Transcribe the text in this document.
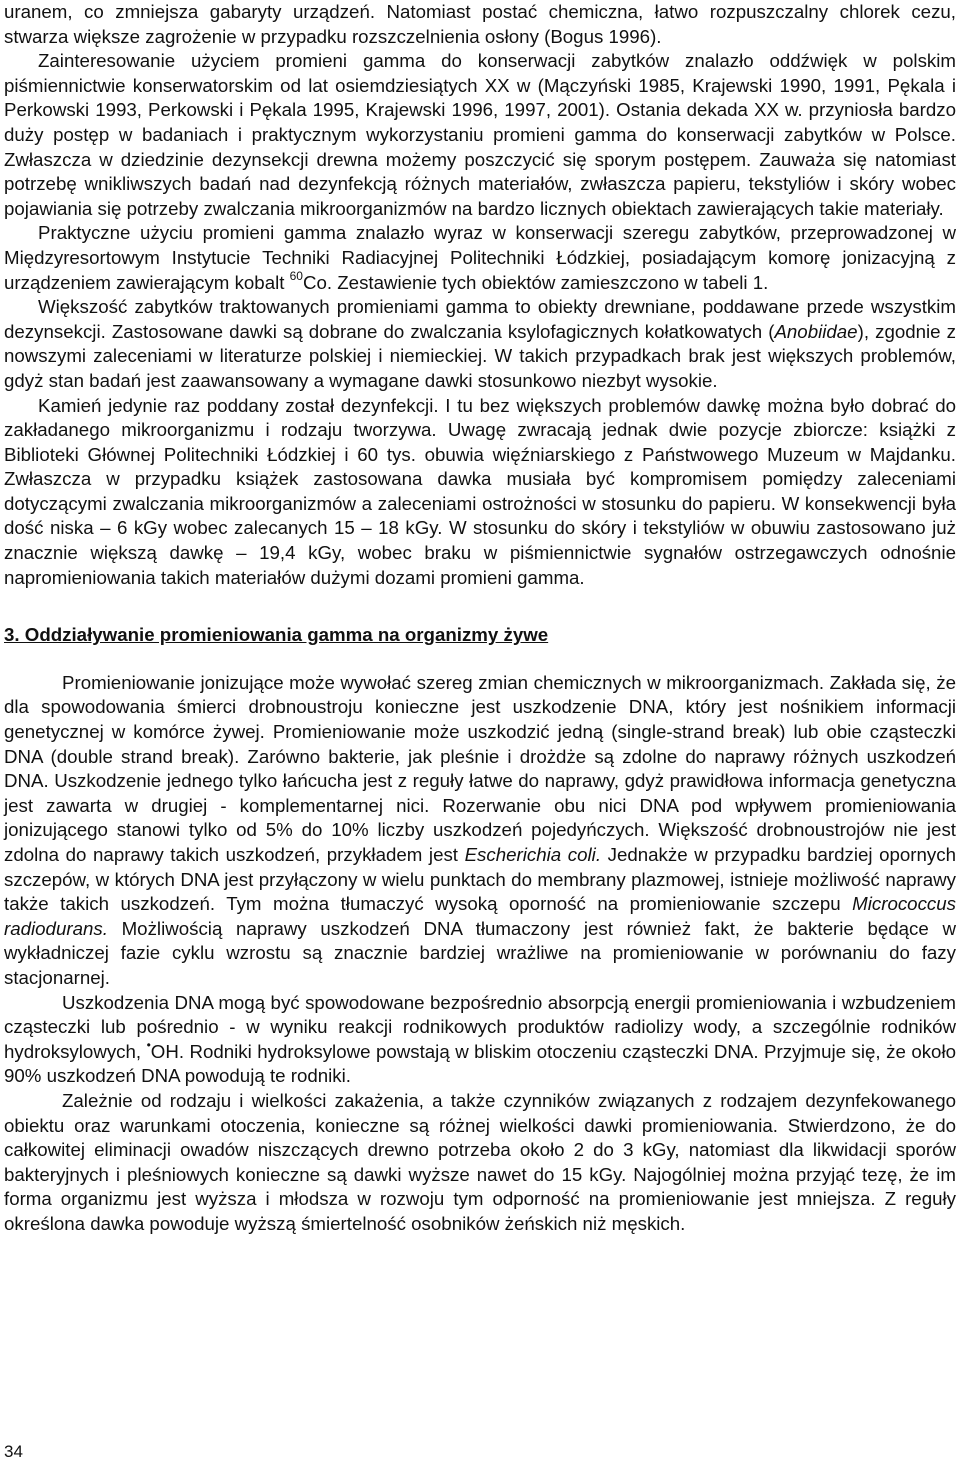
uranem, co zmniejsza gabaryty urządzeń. Natomiast postać chemiczna, łatwo rozpuszczalny chlorek cezu, stwarza większe zagrożenie w przypadku rozszczelnienia osłony (Bogus 1996).

Zainteresowanie użyciem promieni gamma do konserwacji zabytków znalazło oddźwięk w polskim piśmiennictwie konserwatorskim od lat osiemdziesiątych XX w (Mączyński 1985, Krajewski 1990, 1991, Pękala i Perkowski 1993, Perkowski i Pękala 1995, Krajewski 1996, 1997, 2001). Ostania dekada XX w. przyniosła bardzo duży postęp w badaniach i praktycznym wykorzystaniu promieni gamma do konserwacji zabytków w Polsce. Zwłaszcza w dziedzinie dezynsekcji drewna możemy poszczycić się sporym postępem. Zauważa się natomiast potrzebę wnikliwszych badań nad dezynfekcją różnych materiałów, zwłaszcza papieru, tekstyliów i skóry wobec pojawiania się potrzeby zwalczania mikroorganizmów na bardzo licznych obiektach zawierających takie materiały.

Praktyczne użyciu promieni gamma znalazło wyraz w konserwacji szeregu zabytków, przeprowadzonej w Międzyresortowym Instytucie Techniki Radiacyjnej Politechniki Łódzkiej, posiadającym komorę jonizacyjną z urządzeniem zawierającym kobalt $^{60}$Co. Zestawienie tych obiektów zamieszczono w tabeli 1.

Większość zabytków traktowanych promieniami gamma to obiekty drewniane, poddawane przede wszystkim dezynsekcji. Zastosowane dawki są dobrane do zwalczania ksylofagicznych kołatkowatych (Anobiidae), zgodnie z nowszymi zaleceniami w literaturze polskiej i niemieckiej. W takich przypadkach brak jest większych problemów, gdyż stan badań jest zaawansowany a wymagane dawki stosunkowo niezbyt wysokie.

Kamień jedynie raz poddany został dezynfekcji. I tu bez większych problemów dawkę można było dobrać do zakładanego mikroorganizmu i rodzaju tworzywa. Uwagę zwracają jednak dwie pozycje zbiorcze: książki z Biblioteki Głównej Politechniki Łódzkiej i 60 tys. obuwia więźniarskiego z Państwowego Muzeum w Majdanku. Zwłaszcza w przypadku książek zastosowana dawka musiała być kompromisem pomiędzy zaleceniami dotyczącymi zwalczania mikroorganizmów a zaleceniami ostrożności w stosunku do papieru. W konsekwencji była dość niska – 6 kGy wobec zalecanych 15 – 18 kGy. W stosunku do skóry i tekstyliów w obuwiu zastosowano już znacznie większą dawkę – 19,4 kGy, wobec braku w piśmiennictwie sygnałów ostrzegawczych odnośnie napromieniowania takich materiałów dużymi dozami promieni gamma.

3. Oddziaływanie promieniowania gamma na organizmy żywe

Promieniowanie jonizujące może wywołać szereg zmian chemicznych w mikroorganizmach. Zakłada się, że dla spowodowania śmierci drobnoustroju konieczne jest uszkodzenie DNA, który jest nośnikiem informacji genetycznej w komórce żywej. Promieniowanie może uszkodzić jedną (single-strand break) lub obie cząsteczki DNA (double strand break). Zarówno bakterie, jak pleśnie i drożdże są zdolne do naprawy różnych uszkodzeń DNA. Uszkodzenie jednego tylko łańcucha jest z reguły łatwe do naprawy, gdyż prawidłowa informacja genetyczna jest zawarta w drugiej - komplementarnej nici. Rozerwanie obu nici DNA pod wpływem promieniowania jonizującego stanowi tylko od 5% do 10% liczby uszkodzeń pojedyńczych. Większość drobnoustrojów nie jest zdolna do naprawy takich uszkodzeń, przykładem jest Escherichia coli. Jednakże w przypadku bardziej opornych szczepów, w których DNA jest przyłączony w wielu punktach do membrany plazmowej, istnieje możliwość naprawy także takich uszkodzeń. Tym można tłumaczyć wysoką oporność na promieniowanie szczepu Micrococcus radiodurans. Możliwością naprawy uszkodzeń DNA tłumaczony jest również fakt, że bakterie będące w wykładniczej fazie cyklu wzrostu są znacznie bardziej wrażliwe na promieniowanie w porównaniu do fazy stacjonarnej.

Uszkodzenia DNA mogą być spowodowane bezpośrednio absorpcją energii promieniowania i wzbudzeniem cząsteczki lub pośrednio - w wyniku reakcji rodnikowych produktów radiolizy wody, a szczególnie rodników hydroksylowych, •OH. Rodniki hydroksylowe powstają w bliskim otoczeniu cząsteczki DNA. Przyjmuje się, że około 90% uszkodzeń DNA powodują te rodniki.

Zależnie od rodzaju i wielkości zakażenia, a także czynników związanych z rodzajem dezynfekowanego obiektu oraz warunkami otoczenia, konieczne są różnej wielkości dawki promieniowania. Stwierdzono, że do całkowitej eliminacji owadów niszczących drewno potrzeba około 2 do 3 kGy, natomiast dla likwidacji sporów bakteryjnych i pleśniowych konieczne są dawki wyższe nawet do 15 kGy. Najogólniej można przyjąć tezę, że im forma organizmu jest wyższa i młodsza w rozwoju tym odporność na promieniowanie jest mniejsza. Z reguły określona dawka powoduje wyższą śmiertelność osobników żeńskich niż męskich.

34
